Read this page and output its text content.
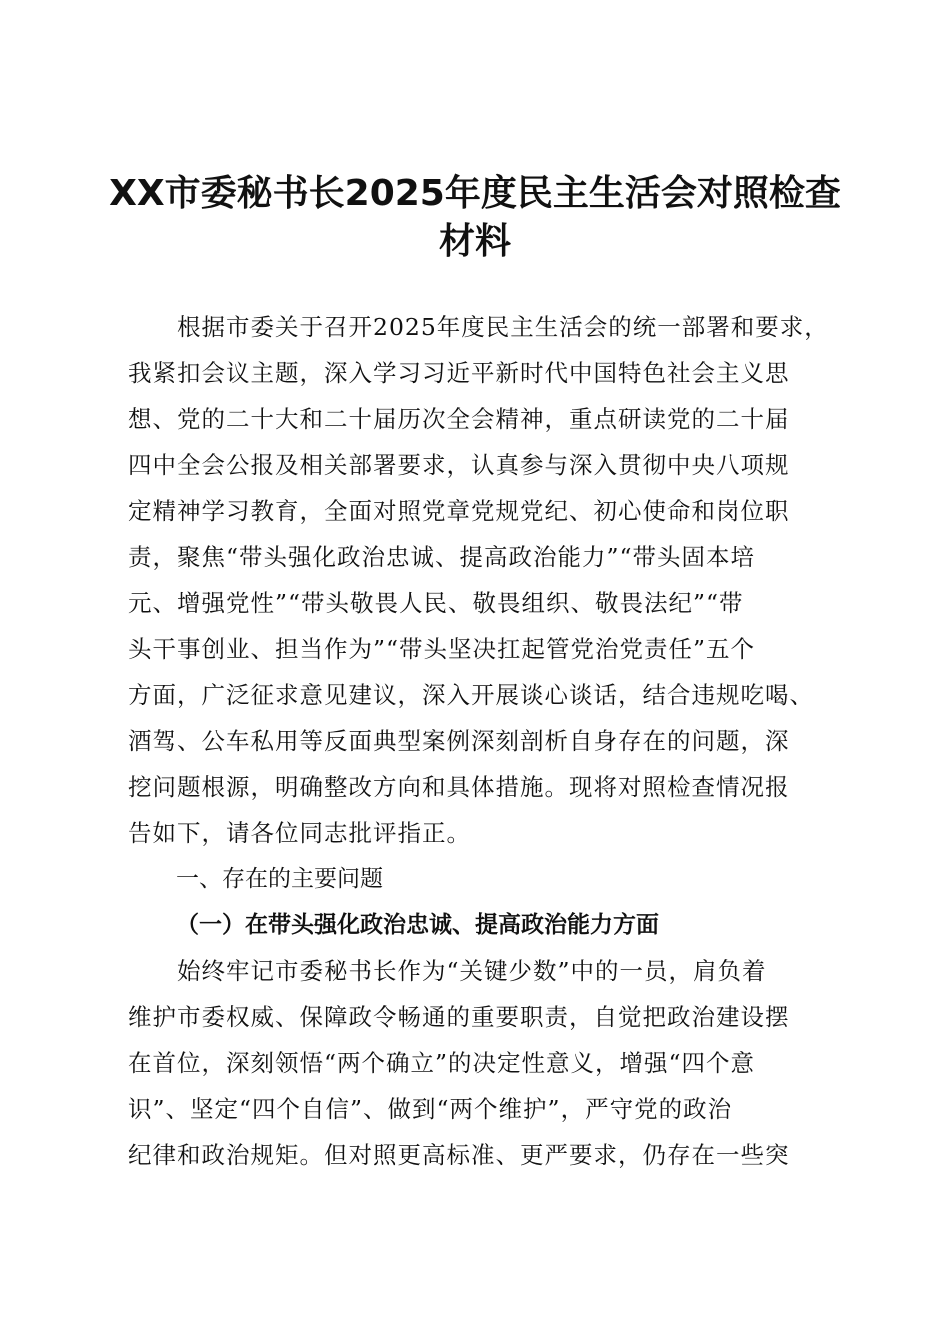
XX市委秘书长2025年度民主生活会对照检查
材料

　　根据市委关于召开2025年度民主生活会的统一部署和要求，

我紧扣会议主题，深入学习习近平新时代中国特色社会主义思

想、党的二十大和二十届历次全会精神，重点研读党的二十届

四中全会公报及相关部署要求，认真参与深入贯彻中央八项规

定精神学习教育，全面对照党章党规党纪、初心使命和岗位职

责，聚焦“带头强化政治忠诚、提高政治能力”“带头固本培

元、增强党性”“带头敬畏人民、敬畏组织、敬畏法纪”“带

头干事创业、担当作为”“带头坚决扛起管党治党责任”五个

方面，广泛征求意见建议，深入开展谈心谈话，结合违规吃喝、

酒驾、公车私用等反面典型案例深刻剖析自身存在的问题，深

挖问题根源，明确整改方向和具体措施。现将对照检查情况报

告如下，请各位同志批评指正。

一、存在的主要问题
（一）在带头强化政治忠诚、提高政治能力方面

　　始终牢记市委秘书长作为“关键少数”中的一员，肩负着

维护市委权威、保障政令畅通的重要职责，自觉把政治建设摆

在首位，深刻领悟“两个确立”的决定性意义，增强“四个意

识”、坚定“四个自信”、做到“两个维护”，严守党的政治

纪律和政治规矩。但对照更高标准、更严要求，仍存在一些突
